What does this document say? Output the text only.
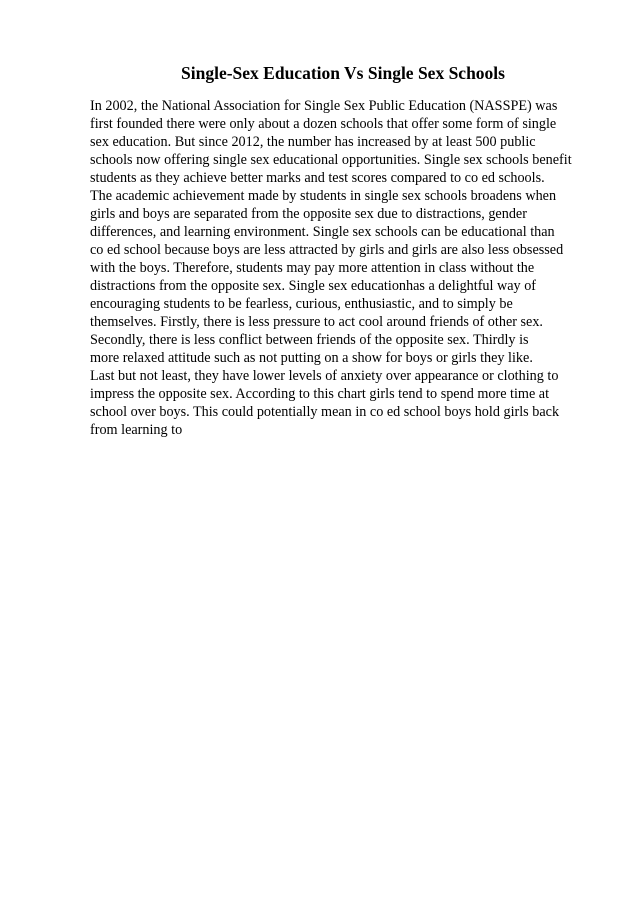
Single-Sex Education Vs Single Sex Schools
In 2002, the National Association for Single Sex Public Education (NASSPE) was
first founded there were only about a dozen schools that offer some form of single
sex education. But since 2012, the number has increased by at least 500 public
schools now offering single sex educational opportunities. Single sex schools benefit
students as they achieve better marks and test scores compared to co ed schools.
The academic achievement made by students in single sex schools broadens when
girls and boys are separated from the opposite sex due to distractions, gender
differences, and learning environment. Single sex schools can be educational than
co ed school because boys are less attracted by girls and girls are also less obsessed
with the boys. Therefore, students may pay more attention in class without the
distractions from the opposite sex. Single sex educationhas a delightful way of
encouraging students to be fearless, curious, enthusiastic, and to simply be
themselves. Firstly, there is less pressure to act cool around friends of other sex.
Secondly, there is less conflict between friends of the opposite sex. Thirdly is
more relaxed attitude such as not putting on a show for boys or girls they like.
Last but not least, they have lower levels of anxiety over appearance or clothing to
impress the opposite sex. According to this chart girls tend to spend more time at
school over boys. This could potentially mean in co ed school boys hold girls back
from learning to
